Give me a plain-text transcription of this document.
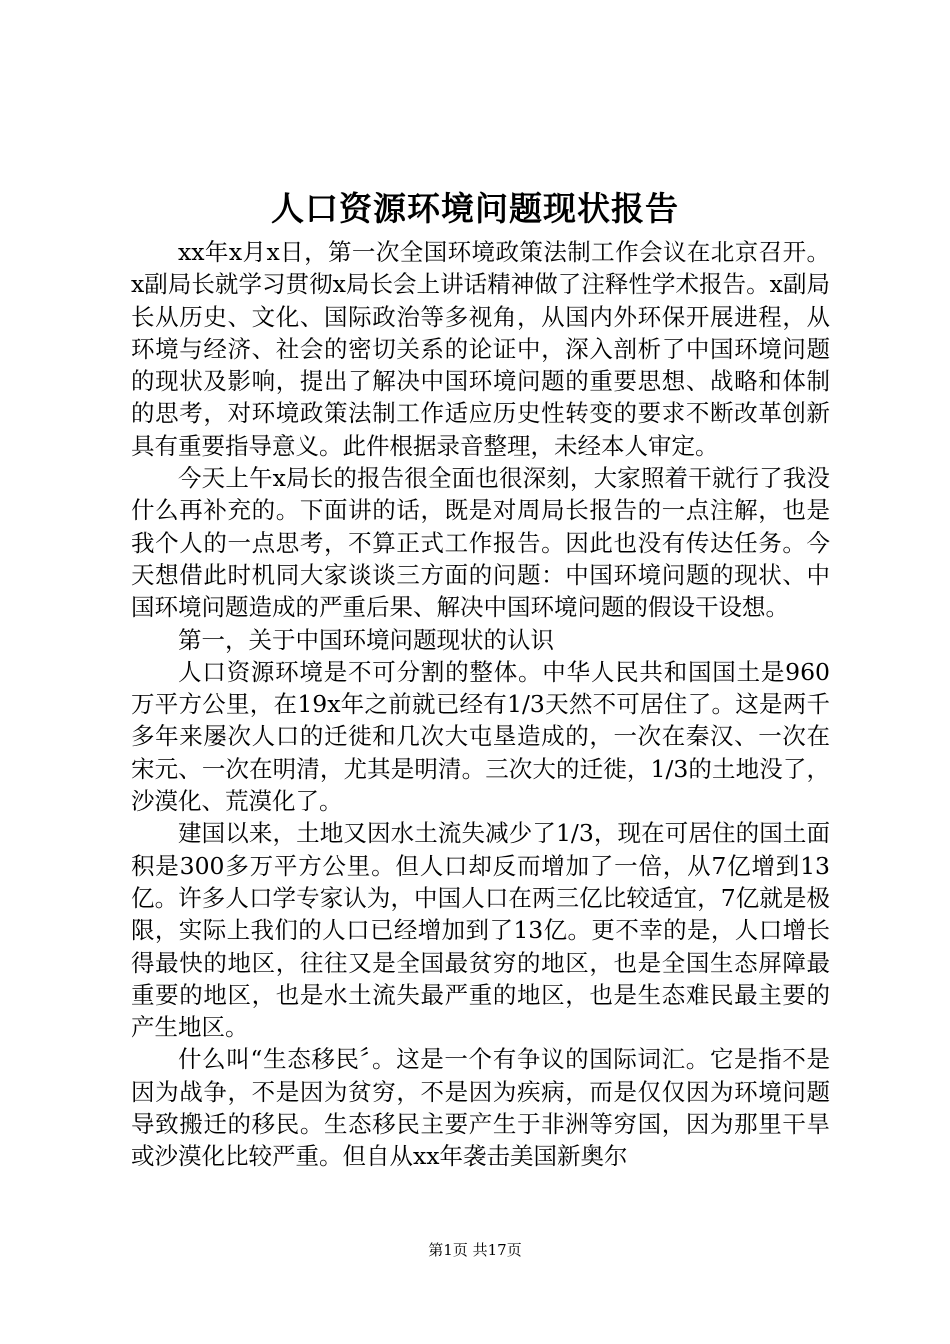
人口资源环境问题现状报告

xx年x月x日，第一次全国环境政策法制工作会议在北京召开。x副局长就学习贯彻x局长会上讲话精神做了注释性学术报告。x副局长从历史、文化、国际政治等多视角，从国内外环保开展进程，从环境与经济、社会的密切关系的论证中，深入剖析了中国环境问题的现状及影响，提出了解决中国环境问题的重要思想、战略和体制的思考，对环境政策法制工作适应历史性转变的要求不断改革创新具有重要指导意义。此件根据录音整理，未经本人审定。

今天上午x局长的报告很全面也很深刻，大家照着干就行了我没什么再补充的。下面讲的话，既是对周局长报告的一点注解，也是我个人的一点思考，不算正式工作报告。因此也没有传达任务。今天想借此时机同大家谈谈三方面的问题：中国环境问题的现状、中国环境问题造成的严重后果、解决中国环境问题的假设干设想。

第一，关于中国环境问题现状的认识

人口资源环境是不可分割的整体。中华人民共和国国土是960万平方公里，在19x年之前就已经有1/3天然不可居住了。这是两千多年来屡次人口的迁徙和几次大屯垦造成的，一次在秦汉、一次在宋元、一次在明清，尤其是明清。三次大的迁徙，1/3的土地没了，沙漠化、荒漠化了。

建国以来，土地又因水土流失减少了1/3，现在可居住的国土面积是300多万平方公里。但人口却反而增加了一倍，从7亿增到13亿。许多人口学专家认为，中国人口在两三亿比较适宜，7亿就是极限，实际上我们的人口已经增加到了13亿。更不幸的是，人口增长得最快的地区，往往又是全国最贫穷的地区，也是全国生态屏障最重要的地区，也是水土流失最严重的地区，也是生态难民最主要的产生地区。

什么叫“生态移民〞。这是一个有争议的国际词汇。它是指不是因为战争，不是因为贫穷，不是因为疾病，而是仅仅因为环境问题导致搬迁的移民。生态移民主要产生于非洲等穷国，因为那里干旱或沙漠化比较严重。但自从xx年袭击美国新奥尔

第1页 共17页
